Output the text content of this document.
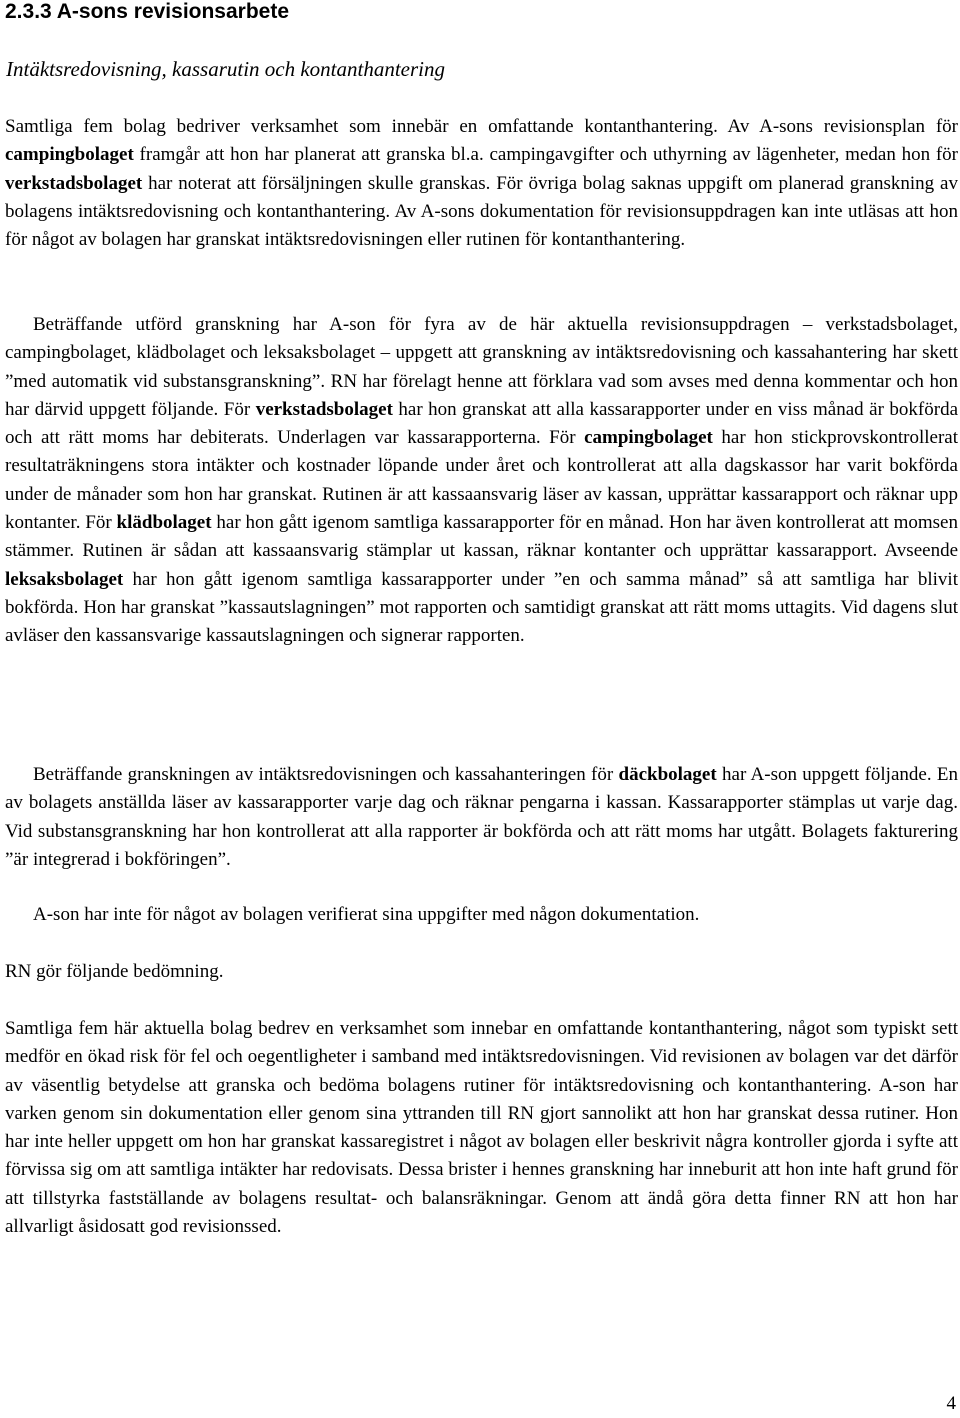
2.3.3 A-sons revisionsarbete
Intäktsredovisning, kassarutin och kontanthantering

Samtliga fem bolag bedriver verksamhet som innebär en omfattande kontanthantering. Av A-sons revisionsplan för campingbolaget framgår att hon har planerat att granska bl.a. campingavgifter och uthyrning av lägenheter, medan hon för verkstadsbolaget har noterat att försäljningen skulle granskas. För övriga bolag saknas uppgift om planerad granskning av bolagens intäktsredovisning och kontanthantering. Av A-sons dokumentation för revisionsuppdragen kan inte utläsas att hon för något av bolagen har granskat intäktsredovisningen eller rutinen för kontanthantering.

Beträffande utförd granskning har A-son för fyra av de här aktuella revisionsuppdragen – verkstadsbolaget, campingbolaget, klädbolaget och leksaksbolaget – uppgett att granskning av intäktsredovisning och kassahantering har skett ”med automatik vid substansgranskning”. RN har förelagt henne att förklara vad som avses med denna kommentar och hon har därvid uppgett följande. För verkstadsbolaget har hon granskat att alla kassarapporter under en viss månad är bokförda och att rätt moms har debiterats. Underlagen var kassarapporterna. För campingbolaget har hon stickprovskontrollerat resultaträkningens stora intäkter och kostnader löpande under året och kontrollerat att alla dagskassor har varit bokförda under de månader som hon har granskat. Rutinen är att kassaansvarig läser av kassan, upprättar kassarapport och räknar upp kontanter. För klädbolaget har hon gått igenom samtliga kassarapporter för en månad. Hon har även kontrollerat att momsen stämmer. Rutinen är sådan att kassaansvarig stämplar ut kassan, räknar kontanter och upprättar kassarapport. Avseende leksaksbolaget har hon gått igenom samtliga kassarapporter under ”en och samma månad” så att samtliga har blivit bokförda. Hon har granskat ”kassautslagningen” mot rapporten och samtidigt granskat att rätt moms uttagits. Vid dagens slut avläser den kassansvarige kassautslagningen och signerar rapporten.

Beträffande granskningen av intäktsredovisningen och kassahanteringen för däckbolaget har A-son uppgett följande. En av bolagets anställda läser av kassarapporter varje dag och räknar pengarna i kassan. Kassarapporter stämplas ut varje dag. Vid substansgranskning har hon kontrollerat att alla rapporter är bokförda och att rätt moms har utgått. Bolagets fakturering ”är integrerad i bokföringen”.

A-son har inte för något av bolagen verifierat sina uppgifter med någon dokumentation.

RN gör följande bedömning.

Samtliga fem här aktuella bolag bedrev en verksamhet som innebar en omfattande kontanthantering, något som typiskt sett medför en ökad risk för fel och oegentligheter i samband med intäktsredovisningen. Vid revisionen av bolagen var det därför av väsentlig betydelse att granska och bedöma bolagens rutiner för intäktsredovisning och kontanthantering. A-son har varken genom sin dokumentation eller genom sina yttranden till RN gjort sannolikt att hon har granskat dessa rutiner. Hon har inte heller uppgett om hon har granskat kassaregistret i något av bolagen eller beskrivit några kontroller gjorda i syfte att förvissa sig om att samtliga intäkter har redovisats. Dessa brister i hennes granskning har inneburit att hon inte haft grund för att tillstyrka fastställande av bolagens resultat- och balansräkningar. Genom att ändå göra detta finner RN att hon har allvarligt åsidosatt god revisionssed.

4
